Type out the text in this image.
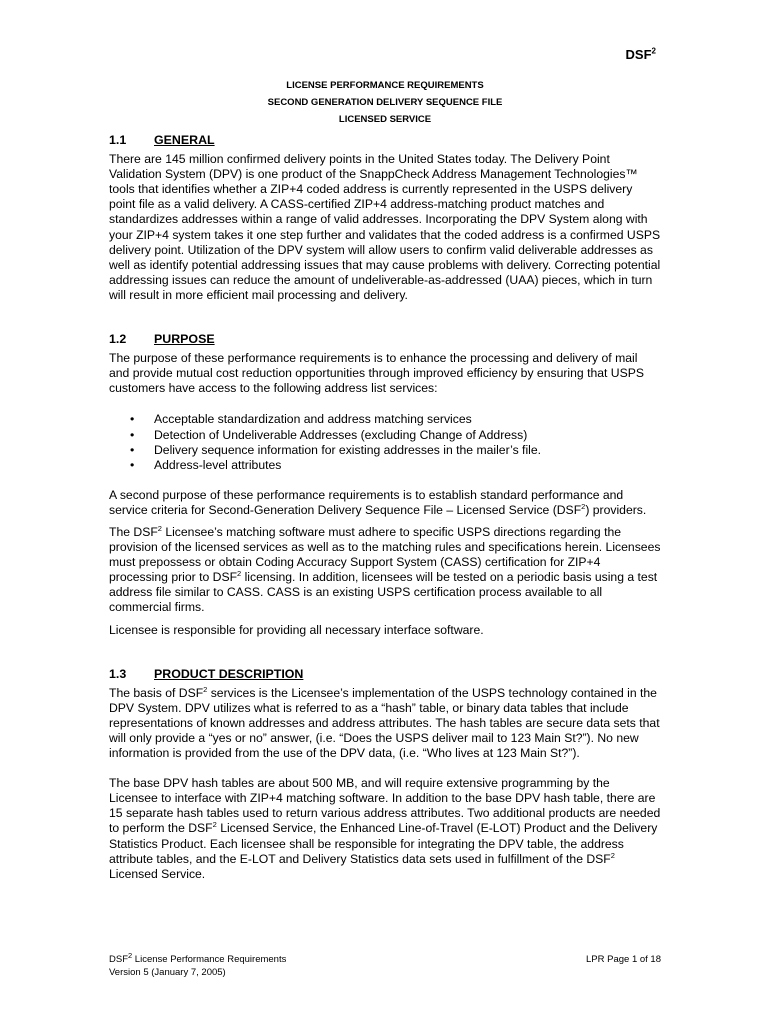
DSF$^2$
LICENSE PERFORMANCE REQUIREMENTS
SECOND GENERATION DELIVERY SEQUENCE FILE
LICENSED SERVICE
1.1	GENERAL

There are 145 million confirmed delivery points in the United States today. The Delivery Point Validation System (DPV) is one product of the SnappCheck Address Management Technologies™ tools that identifies whether a ZIP+4 coded address is currently represented in the USPS delivery point file as a valid delivery. A CASS-certified ZIP+4 address-matching product matches and standardizes addresses within a range of valid addresses. Incorporating the DPV System along with your ZIP+4 system takes it one step further and validates that the coded address is a confirmed USPS delivery point. Utilization of the DPV system will allow users to confirm valid deliverable addresses as well as identify potential addressing issues that may cause problems with delivery. Correcting potential addressing issues can reduce the amount of undeliverable-as-addressed (UAA) pieces, which in turn will result in more efficient mail processing and delivery.

1.2	PURPOSE

The purpose of these performance requirements is to enhance the processing and delivery of mail and provide mutual cost reduction opportunities through improved efficiency by ensuring that USPS customers have access to the following address list services:

• Acceptable standardization and address matching services
• Detection of Undeliverable Addresses (excluding Change of Address)
• Delivery sequence information for existing addresses in the mailer’s file.
• Address-level attributes

A second purpose of these performance requirements is to establish standard performance and service criteria for Second-Generation Delivery Sequence File – Licensed Service (DSF$^2$) providers.

The DSF$^2$ Licensee’s matching software must adhere to specific USPS directions regarding the provision of the licensed services as well as to the matching rules and specifications herein. Licensees must prepossess or obtain Coding Accuracy Support System (CASS) certification for ZIP+4 processing prior to DSF$^2$ licensing. In addition, licensees will be tested on a periodic basis using a test address file similar to CASS. CASS is an existing USPS certification process available to all commercial firms.

Licensee is responsible for providing all necessary interface software.

1.3	PRODUCT DESCRIPTION

The basis of DSF$^2$ services is the Licensee’s implementation of the USPS technology contained in the DPV System. DPV utilizes what is referred to as a “hash” table, or binary data tables that include representations of known addresses and address attributes. The hash tables are secure data sets that will only provide a “yes or no” answer, (i.e. “Does the USPS deliver mail to 123 Main St?”). No new information is provided from the use of the DPV data, (i.e. “Who lives at 123 Main St?”).

The base DPV hash tables are about 500 MB, and will require extensive programming by the Licensee to interface with ZIP+4 matching software. In addition to the base DPV hash table, there are 15 separate hash tables used to return various address attributes. Two additional products are needed to perform the DSF$^2$ Licensed Service, the Enhanced Line-of-Travel (E-LOT) Product and the Delivery Statistics Product. Each licensee shall be responsible for integrating the DPV table, the address attribute tables, and the E-LOT and Delivery Statistics data sets used in fulfillment of the DSF$^2$ Licensed Service.

DSF$^2$ License Performance Requirements
Version 5 (January 7, 2005)
LPR Page 1 of 18
